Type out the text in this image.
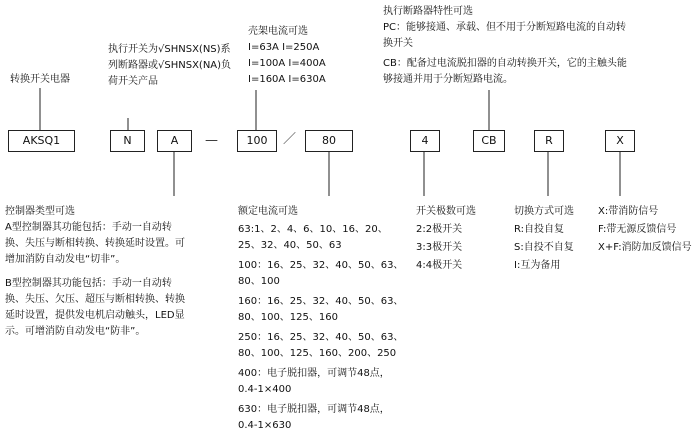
转换开关电器
执行开关为√SHNSX(NS)系
列断路器或√SHNSX(NA)负
荷开关产品
壳架电流可选
I=63A I=250A
I=100A I=400A
I=160A I=630A
执行断路器特性可选
PC：能够接通、承载、但不用于分断短路电流的自动转
换开关
CB：配备过电流脱扣器的自动转换开关，它的主触头能
够接通并用于分断短路电流。
AKSQ1	N	A	—	100	／	80	4	CB	R	X
控制器类型可选
A型控制器其功能包括：手动一自动转
换、失压与断相转换、转换延时设置。可
增加消防自动发电“切非”。
B型控制器其功能包括：手动一自动转
换、失压、欠压、超压与断相转换、转换
延时设置，提供发电机启动触头，LED显
示。可增消防自动发电“防非”。
额定电流可选
63:1、2、4、6、10、16、20、
25、32、40、50、63
100：16、25、32、40、50、63、
80、100
160：16、25、32、40、50、63、
80、100、125、160
250：16、25、32、40、50、63、
80、100、125、160、200、250
400：电子脱扣器，可调节48点，
0.4-1×400
630：电子脱扣器，可调节48点，
0.4-1×630
开关极数可选
2:2极开关
3:3极开关
4:4极开关
切换方式可选
R:自投自复
S:自投不自复
I:互为备用
X:带消防信号
F:带无源反馈信号
X+F:消防加反馈信号
